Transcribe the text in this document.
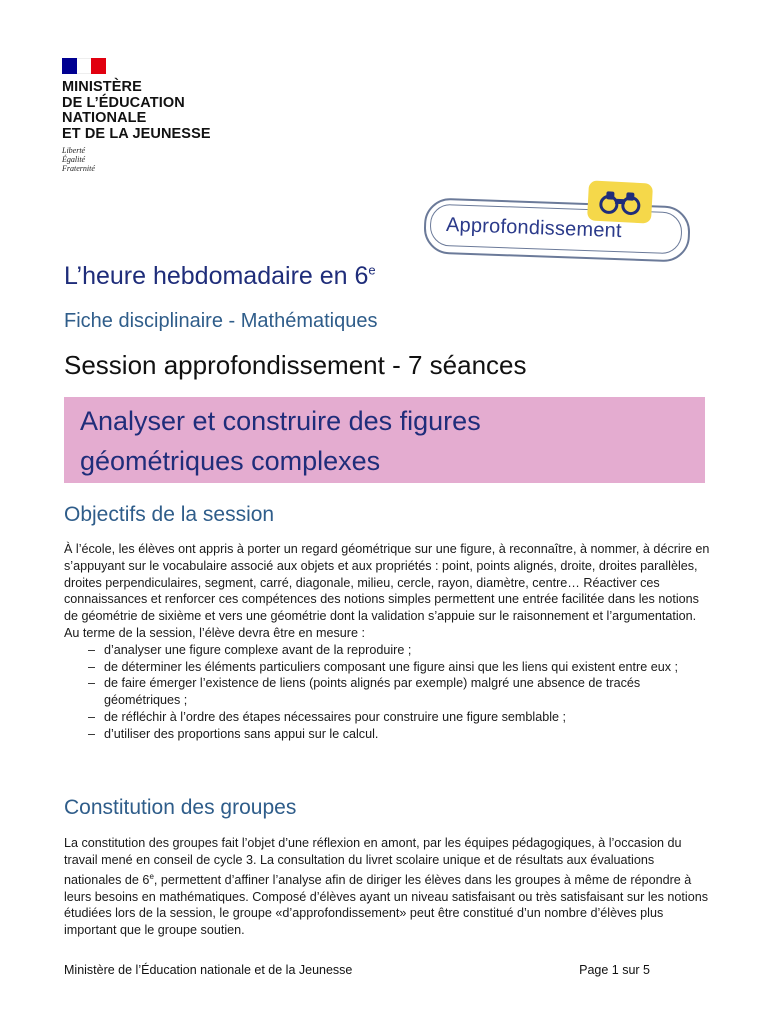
MINISTÈRE
DE L’ÉDUCATION
NATIONALE
ET DE LA JEUNESSE
Liberté
Égalité
Fraternité
Approfondissement
L’heure hebdomadaire en 6e
Fiche disciplinaire - Mathématiques
Session approfondissement - 7 séances
Analyser et construire des figures
géométriques complexes
Objectifs de la session

À l’école, les élèves ont appris à porter un regard géométrique sur une figure, à reconnaître, à nommer, à décrire en s’appuyant sur le vocabulaire associé aux objets et aux propriétés : point, points alignés, droite, droites parallèles, droites perpendiculaires, segment, carré, diagonale, milieu, cercle, rayon, diamètre, centre… Réactiver ces connaissances et renforcer ces compétences des notions simples permettent une entrée facilitée dans les notions de géométrie de sixième et vers une géométrie dont la validation s’appuie sur le raisonnement et l’argumentation. Au terme de la session, l’élève devra être en mesure :

– d’analyser une figure complexe avant de la reproduire ;
– de déterminer les éléments particuliers composant une figure ainsi que les liens qui existent entre eux ;
– de faire émerger l’existence de liens (points alignés par exemple) malgré une absence de tracés géométriques ;
– de réfléchir à l’ordre des étapes nécessaires pour construire une figure semblable ;
– d’utiliser des proportions sans appui sur le calcul.
Constitution des groupes

La constitution des groupes fait l’objet d’une réflexion en amont, par les équipes pédagogiques, à l’occasion du travail mené en conseil de cycle 3. La consultation du livret scolaire unique et de résultats aux évaluations nationales de 6e, permettent d’affiner l’analyse afin de diriger les élèves dans les groupes à même de répondre à leurs besoins en mathématiques. Composé d’élèves ayant un niveau satisfaisant ou très satisfaisant sur les notions étudiées lors de la session, le groupe «d’approfondissement» peut être constitué d’un nombre d’élèves plus important que le groupe soutien.

Ministère de l’Éducation nationale et de la Jeunesse	Page 1 sur 5
